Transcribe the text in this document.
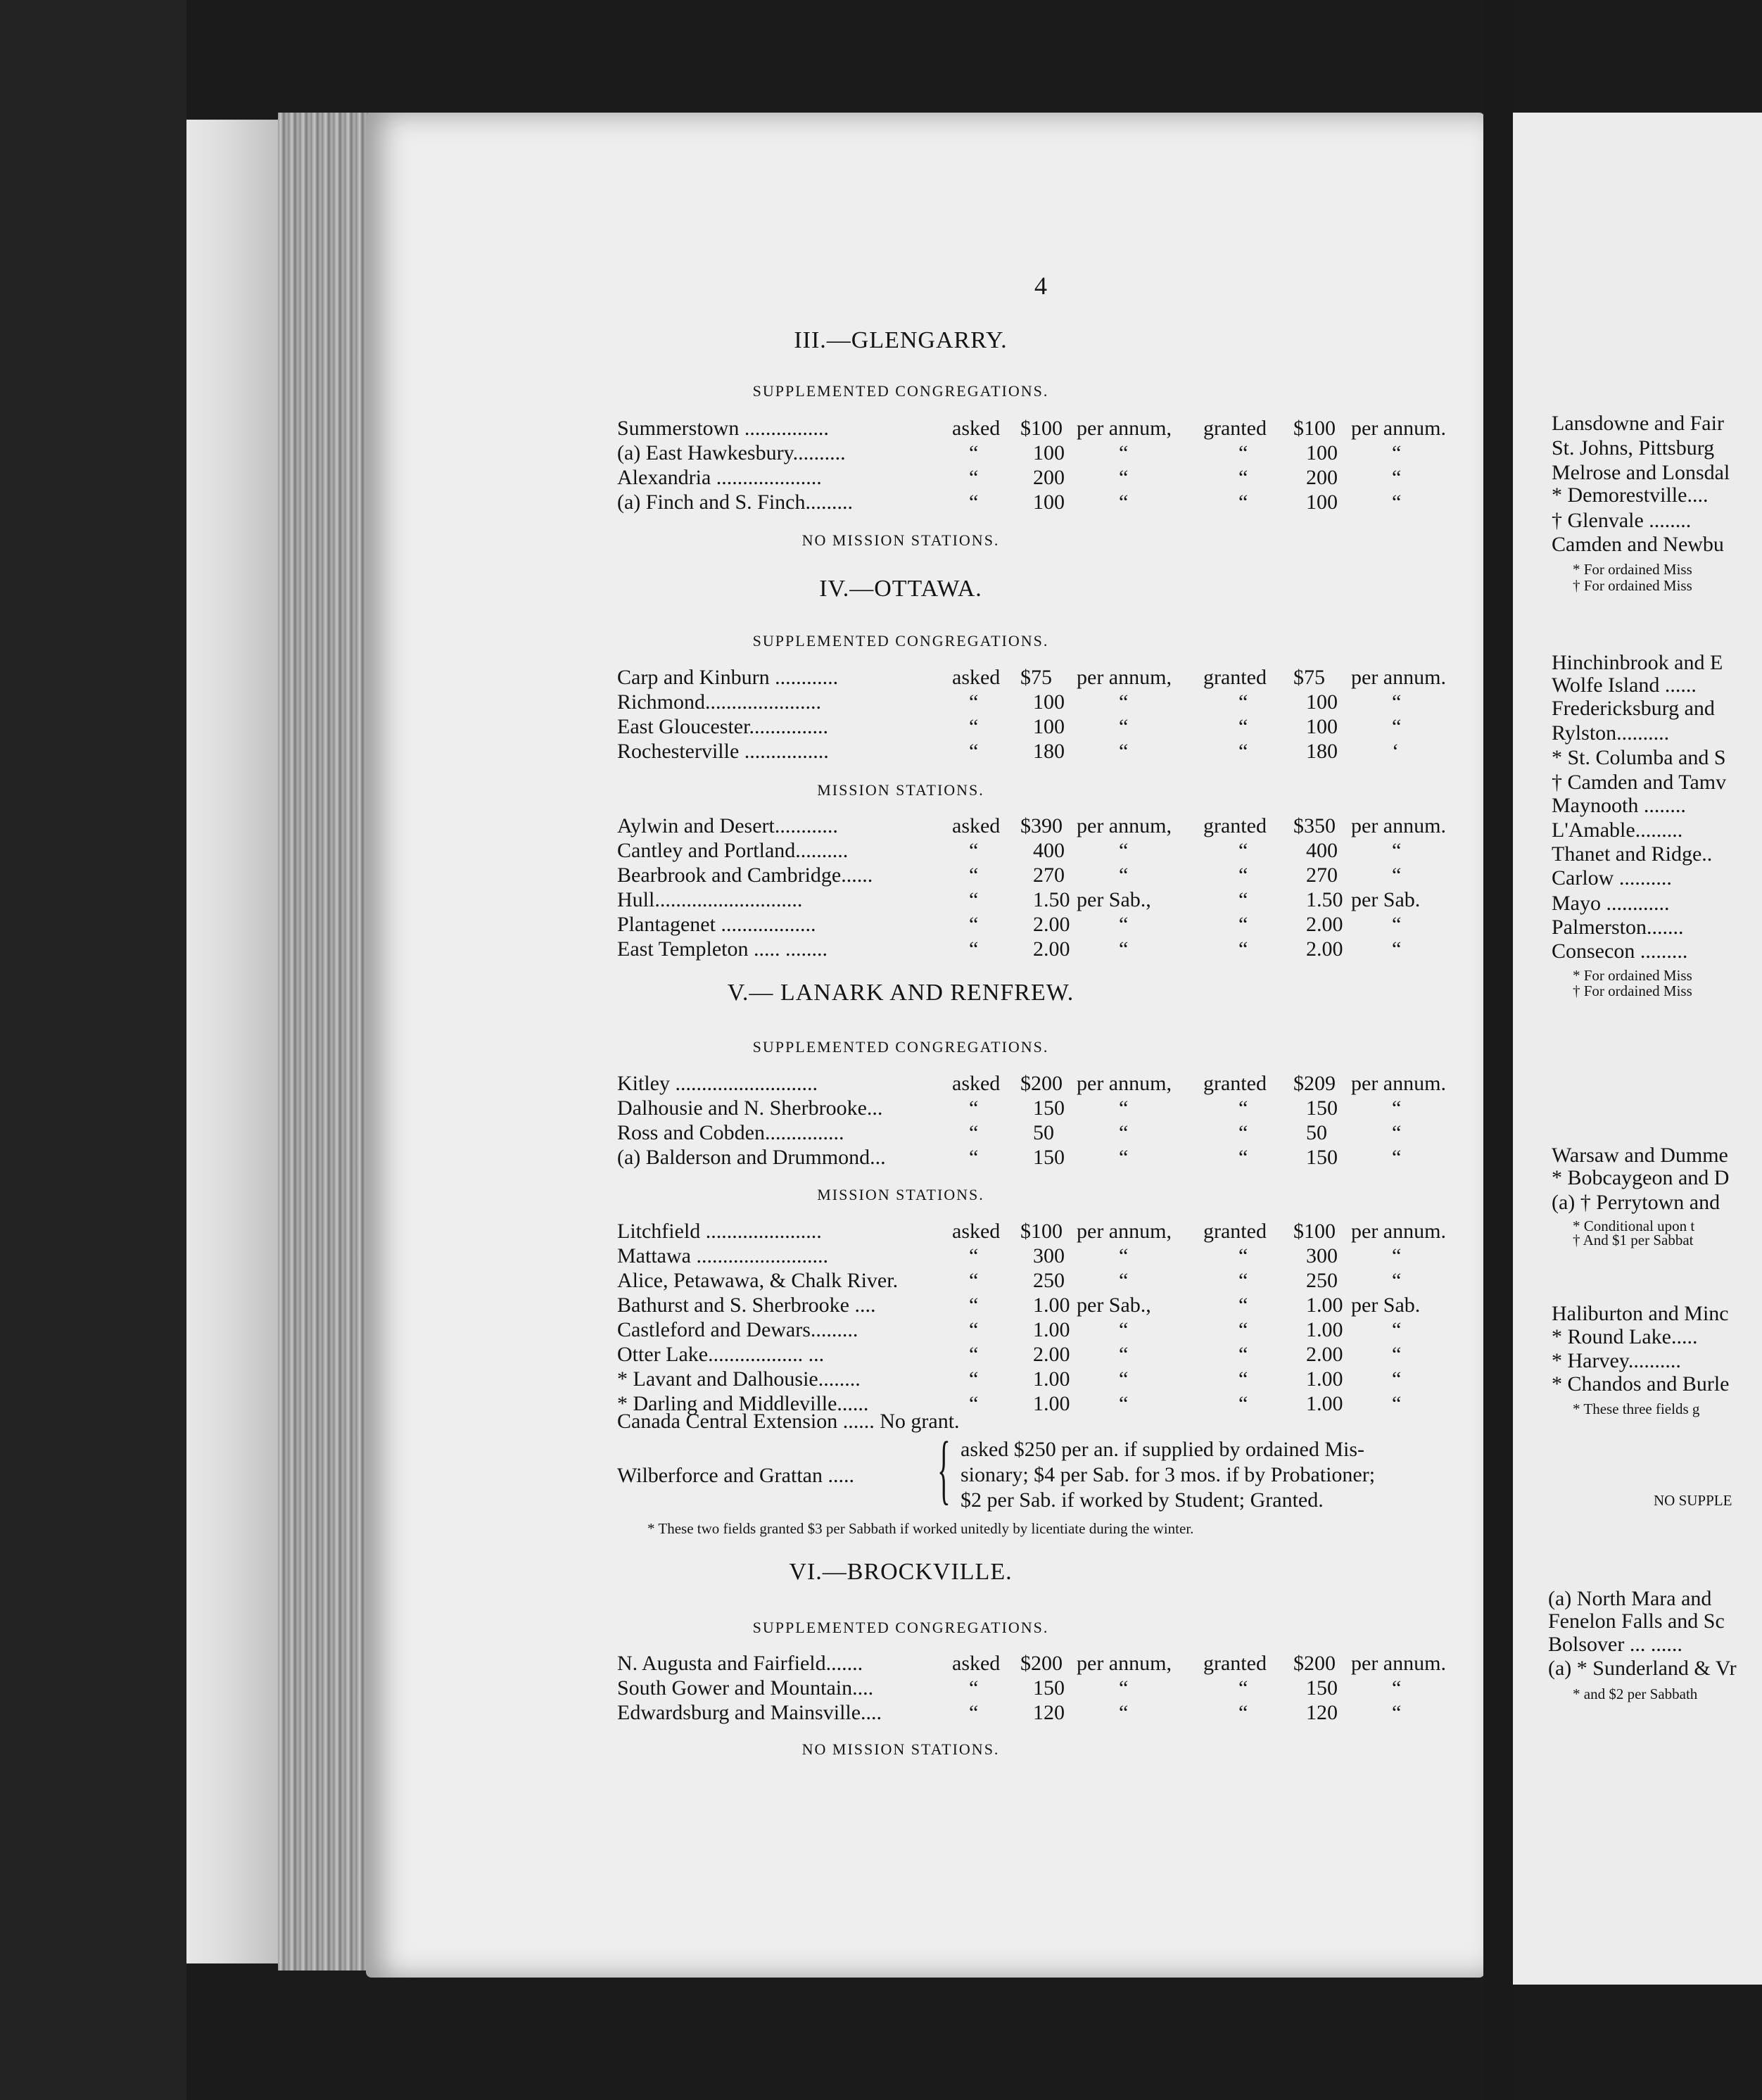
4
III.—GLENGARRY.
SUPPLEMENTED CONGREGATIONS.
NO MISSION STATIONS.
IV.—OTTAWA.
SUPPLEMENTED CONGREGATIONS.
MISSION STATIONS.
V.— LANARK AND RENFREW.
SUPPLEMENTED CONGREGATIONS.
MISSION STATIONS.
Canada Central Extension ...... No grant.
Wilberforce and Grattan ..... { asked $250 per an. if supplied by ordained Mis-
sionary; $4 per Sab. for 3 mos. if by Probationer;
$2 per Sab. if worked by Student; Granted.
* These two fields granted $3 per Sabbath if worked unitedly by licentiate during the winter.
VI.—BROCKVILLE.
SUPPLEMENTED CONGREGATIONS.
NO MISSION STATIONS.
Summerstown ................	asked $100 per annum, granted $100 per annum.
(a) East Hawkesbury..........	“	100	“	“	100	“
Alexandria ....................	“	200	“	“	200	“
(a) Finch and S. Finch.........	“	100	“	“	100	“
Carp and Kinburn ............	asked $75 per annum, granted $75 per annum.
Richmond......................	“	100	“	“	100	“
East Gloucester...............	“	100	“	“	100	“
Rochesterville ................	“	180	“	“	180	‘
Aylwin and Desert............	asked $390 per annum, granted $350 per annum.
Cantley and Portland..........	“	400	“	“	400	“
Bearbrook and Cambridge......	“	270	“	“	270	“
Hull............................	“	1.50 per Sab.,	“	1.50 per Sab.
Plantagenet ..................	“	2.00 “	“	2.00 “
East Templeton ..... ........	“	2.00 “	“	2.00 “
Kitley ...........................	asked $200 per annum, granted $209 per annum.
Dalhousie and N. Sherbrooke...	“	150	“	“	150	“
Ross and Cobden...............	“	50	“	“	50	“
(a) Balderson and Drummond...	“	150	“	“	150	“
Litchfield ......................	asked $100 per annum, granted $100 per annum.
Mattawa .........................	“	300	“	“	300	“
Alice, Petawawa, & Chalk River.	“	250	“	“	250	“
Bathurst and S. Sherbrooke ....	“	1.00 per Sab.,	“	1.00 per Sab.
Castleford and Dewars.........	“	1.00 “	“	1.00 “
Otter Lake.................. ...	“	2.00 “	“	2.00 “
* Lavant and Dalhousie........	“	1.00 “	“	1.00 “
* Darling and Middleville......	“	1.00 “	“	1.00 “
N. Augusta and Fairfield.......	asked $200 per annum, granted $200 per annum.
South Gower and Mountain....	“	150	“	“	150	“
Edwardsburg and Mainsville....	“	120	“	“	120	“
Lansdowne and Fair
St. Johns, Pittsburg
Melrose and Lonsdal
* Demorestville....
† Glenvale ........
Camden and Newbu
* For ordained Miss
† For ordained Miss
Hinchinbrook and E
Wolfe Island ......
Fredericksburg and
Rylston..........
* St. Columba and S
† Camden and Tamv
Maynooth ........
L'Amable.........
Thanet and Ridge..
Carlow ..........
Mayo ............
Palmerston.......
Consecon .........
* For ordained Miss
† For ordained Miss
Warsaw and Dumme
* Bobcaygeon and D
(a) † Perrytown and
* Conditional upon t
† And $1 per Sabbat
Haliburton and Minc
* Round Lake.....
* Harvey..........
* Chandos and Burle
* These three fields g
NO SUPPLE
(a) North Mara and
Fenelon Falls and Sc
Bolsover ... ......
(a) * Sunderland & Vr
* and $2 per Sabbath
